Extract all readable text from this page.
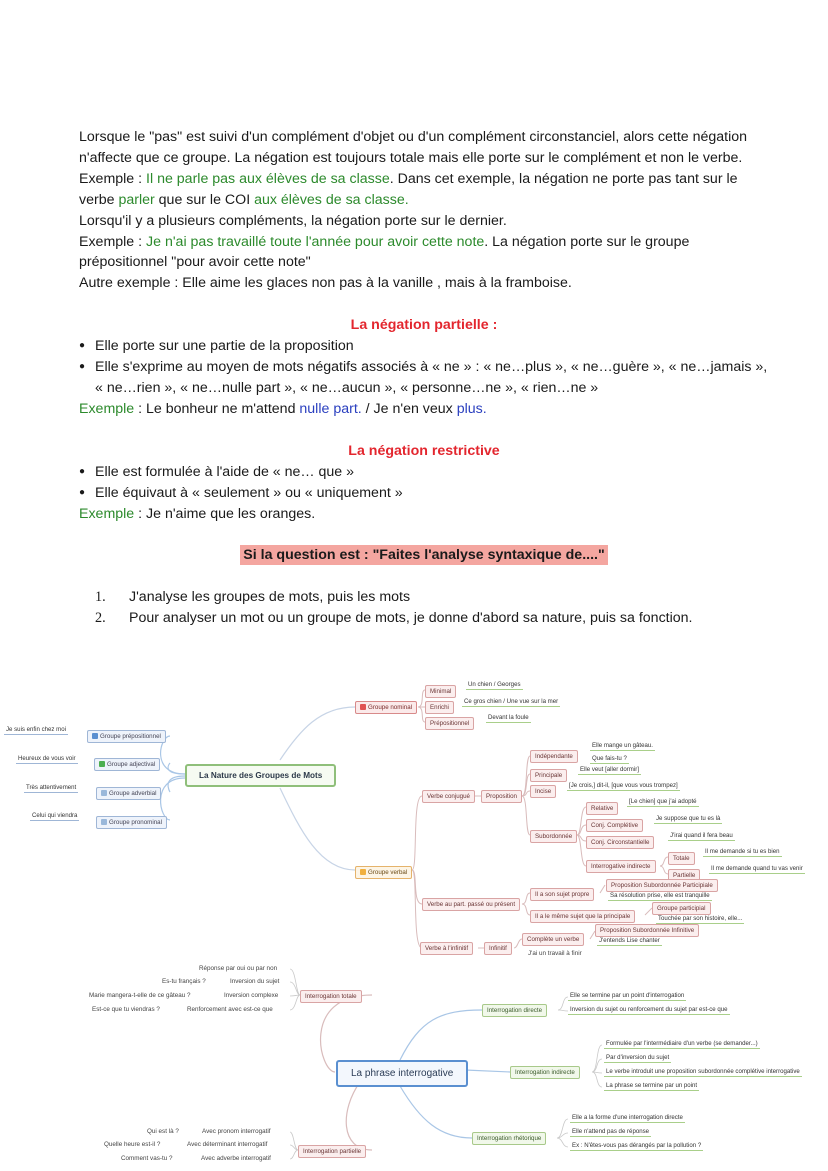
Lorsque le "pas" est suivi d'un complément d'objet ou d'un complément circonstanciel, alors cette négation n'affecte que ce groupe. La négation est toujours totale mais elle porte sur le complément et non le verbe.
Exemple : Il ne parle pas aux élèves de sa classe. Dans cet exemple, la négation ne porte pas tant sur le verbe parler que sur le COI aux élèves de sa classe.
Lorsqu'il y a plusieurs compléments, la négation porte sur le dernier.
Exemple : Je n'ai pas travaillé toute l'année pour avoir cette note. La négation porte sur le groupe prépositionnel "pour avoir cette note"
Autre exemple : Elle aime les glaces non pas à la vanille , mais à la framboise.
La négation partielle :
● Elle porte sur une partie de la proposition
● Elle s'exprime au moyen de mots négatifs associés à « ne » : « ne…plus », « ne…guère », « ne…jamais », « ne…rien », « ne…nulle part », « ne…aucun », « personne…ne », « rien…ne »
Exemple : Le bonheur ne m'attend nulle part. / Je n'en veux plus.
La négation restrictive
● Elle est formulée à l'aide de « ne… que »
● Elle équivaut à « seulement » ou « uniquement »
Exemple : Je n'aime que les oranges.
Si la question est : "Faites l'analyse syntaxique de...."
1. J'analyse les groupes de mots, puis les mots
2. Pour analyser un mot ou un groupe de mots, je donne d'abord sa nature, puis sa fonction.
La Nature des Groupes de Mots
Je suis enfin chez moi
Groupe prépositionnel
Heureux de vous voir
Groupe adjectival
Très attentivement
Groupe adverbial
Celui qui viendra
Groupe pronominal
Groupe nominal
Minimal
Un chien / Georges
Enrichi
Ce gros chien / Une vue sur la mer
Prépositionnel
Devant la foule
Groupe verbal
Verbe conjugué	Proposition
Indépendante
Elle mange un gâteau.
Que fais-tu ?
Principale
Elle veut [aller dormir]
Incise
[Je crois,] dit-il, [que vous vous trompez]
Subordonnée
Relative
[Le chien] que j'ai adopté
Conj. Complétive
Je suppose que tu es là
Conj. Circonstantielle
J'irai quand il fera beau
Interrogative indirecte
Totale
Il me demande si tu es bien
Partielle
Il me demande quand tu vas venir
Verbe au part. passé ou présent
Il a son sujet propre
Proposition Subordonnée Participiale
Sa résolution prise, elle est tranquille
Il a le même sujet que la principale
Groupe participial
Touchée par son histoire, elle...
Verbe à l'infinitif	Infinitif
Complète un verbe
Proposition Subordonnée Infinitive
J'entends Lise chanter
J'ai un travail à finir
La phrase interrogative
Interrogation totale
Réponse par oui ou par non
Es-tu français ?	Inversion du sujet
Marie mangera-t-elle de ce gâteau ?	Inversion complexe
Est-ce que tu viendras ?	Renforcement avec est-ce que
Interrogation partielle
Qui est là ?	Avec pronom interrogatif
Quelle heure est-il ?	Avec déterminant interrogatif
Comment vas-tu ?	Avec adverbe interrogatif
Interrogation directe
Elle se termine par un point d'interrogation
Inversion du sujet ou renforcement du sujet par est-ce que
Interrogation indirecte
Formulée par l'intermédiaire d'un verbe (se demander...)
Par d'inversion du sujet
Le verbe introduit une proposition subordonnée complétive interrogative
La phrase se termine par un point
Interrogation rhétorique
Elle a la forme d'une interrogation directe
Elle n'attend pas de réponse
Ex : N'êtes-vous pas dérangés par la pollution ?
